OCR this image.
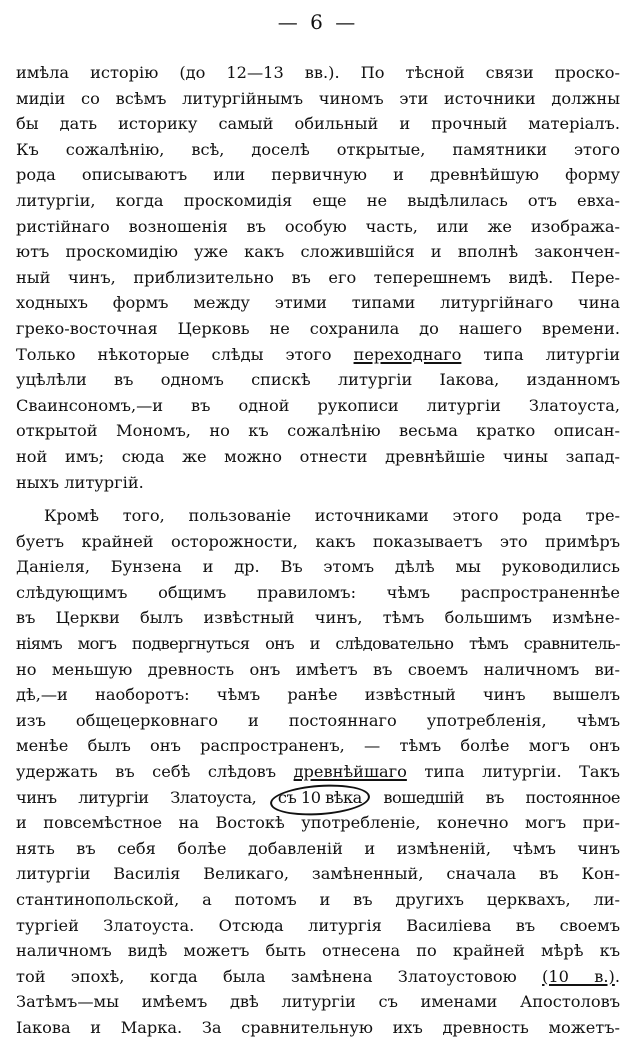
— 6 —
имѣла исторію (до 12—13 вв.). По тѣсной связи проско-
мидіи со всѣмъ литургійнымъ чиномъ эти источники должны
бы дать историку самый обильный и прочный матеріалъ.
Къ сожалѣнію, всѣ, доселѣ открытые, памятники этого
рода описываютъ или первичную и древнѣйшую форму
литургіи, когда проскомидія еще не выдѣлилась отъ евха-
ристійнаго возношенія въ особую часть, или же изобража-
ютъ проскомидію уже какъ сложившійся и вполнѣ закончен-
ный чинъ, приблизительно въ его теперешнемъ видѣ. Пере-
ходныхъ формъ между этими типами литургійнаго чина
греко-восточная Церковь не сохранила до нашего времени.
Только нѣкоторые слѣды этого переходнаго типа литургіи
уцѣлѣли въ одномъ спискѣ литургіи Іакова, изданномъ
Сваинсономъ,—и въ одной рукописи литургіи Златоуста,
открытой Мономъ, но къ сожалѣнію весьма кратко описан-
ной имъ; сюда же можно отнести древнѣйшіе чины запад-
ныхъ литургій.
Кромѣ того, пользованіе источниками этого рода тре-
буетъ крайней осторожности, какъ показываетъ это примѣръ
Даніеля, Бунзена и др. Въ этомъ дѣлѣ мы руководились
слѣдующимъ общимъ правиломъ: чѣмъ распространеннѣе
въ Церкви былъ извѣстный чинъ, тѣмъ большимъ измѣне-
ніямъ могъ подвергнуться онъ и слѣдовательно тѣмъ сравнитель-
но меньшую древность онъ имѣетъ въ своемъ наличномъ ви-
дѣ,—и наоборотъ: чѣмъ ранѣе извѣстный чинъ вышелъ
изъ общецерковнаго и постояннаго употребленія, чѣмъ
менѣе былъ онъ распространенъ, — тѣмъ болѣе могъ онъ
удержать въ себѣ слѣдовъ древнѣйшаго типа литургіи. Такъ
чинъ литургіи Златоуста, съ 10 вѣка вошедшій въ постоянное
и повсемѣстное на Востокѣ употребленіе, конечно могъ при-
нять въ себя болѣе добавленій и измѣненій, чѣмъ чинъ
литургіи Василія Великаго, замѣненный, сначала въ Кон-
стантинопольской, а потомъ и въ другихъ церквахъ, ли-
тургіей Златоуста. Отсюда литургія Василіева въ своемъ
наличномъ видѣ можетъ быть отнесена по крайней мѣрѣ къ
той эпохѣ, когда была замѣнена Златоустовою (10 в.).
Затѣмъ—мы имѣемъ двѣ литургіи съ именами Апостоловъ
Іакова и Марка. За сравнительную ихъ древность можетъ-
